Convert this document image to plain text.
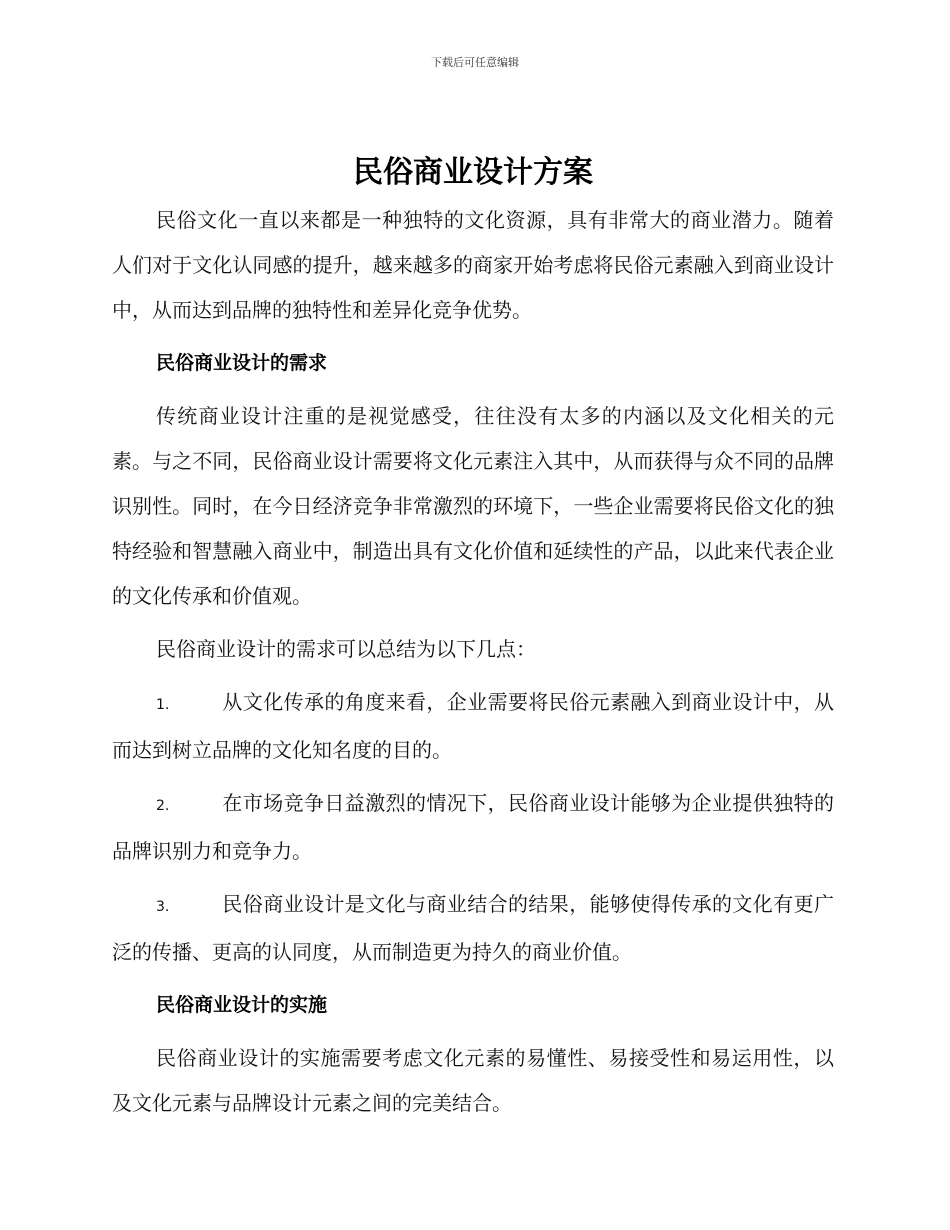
下载后可任意编辑
民俗商业设计方案

民俗文化一直以来都是一种独特的文化资源，具有非常大的商业潜力。随着人们对于文化认同感的提升，越来越多的商家开始考虑将民俗元素融入到商业设计中，从而达到品牌的独特性和差异化竞争优势。

民俗商业设计的需求

传统商业设计注重的是视觉感受，往往没有太多的内涵以及文化相关的元素。与之不同，民俗商业设计需要将文化元素注入其中，从而获得与众不同的品牌识别性。同时，在今日经济竞争非常激烈的环境下，一些企业需要将民俗文化的独特经验和智慧融入商业中，制造出具有文化价值和延续性的产品，以此来代表企业的文化传承和价值观。

民俗商业设计的需求可以总结为以下几点：

1.	从文化传承的角度来看，企业需要将民俗元素融入到商业设计中，从而达到树立品牌的文化知名度的目的。

2.	在市场竞争日益激烈的情况下，民俗商业设计能够为企业提供独特的品牌识别力和竞争力。

3.	民俗商业设计是文化与商业结合的结果，能够使得传承的文化有更广泛的传播、更高的认同度，从而制造更为持久的商业价值。

民俗商业设计的实施

民俗商业设计的实施需要考虑文化元素的易懂性、易接受性和易运用性，以及文化元素与品牌设计元素之间的完美结合。
